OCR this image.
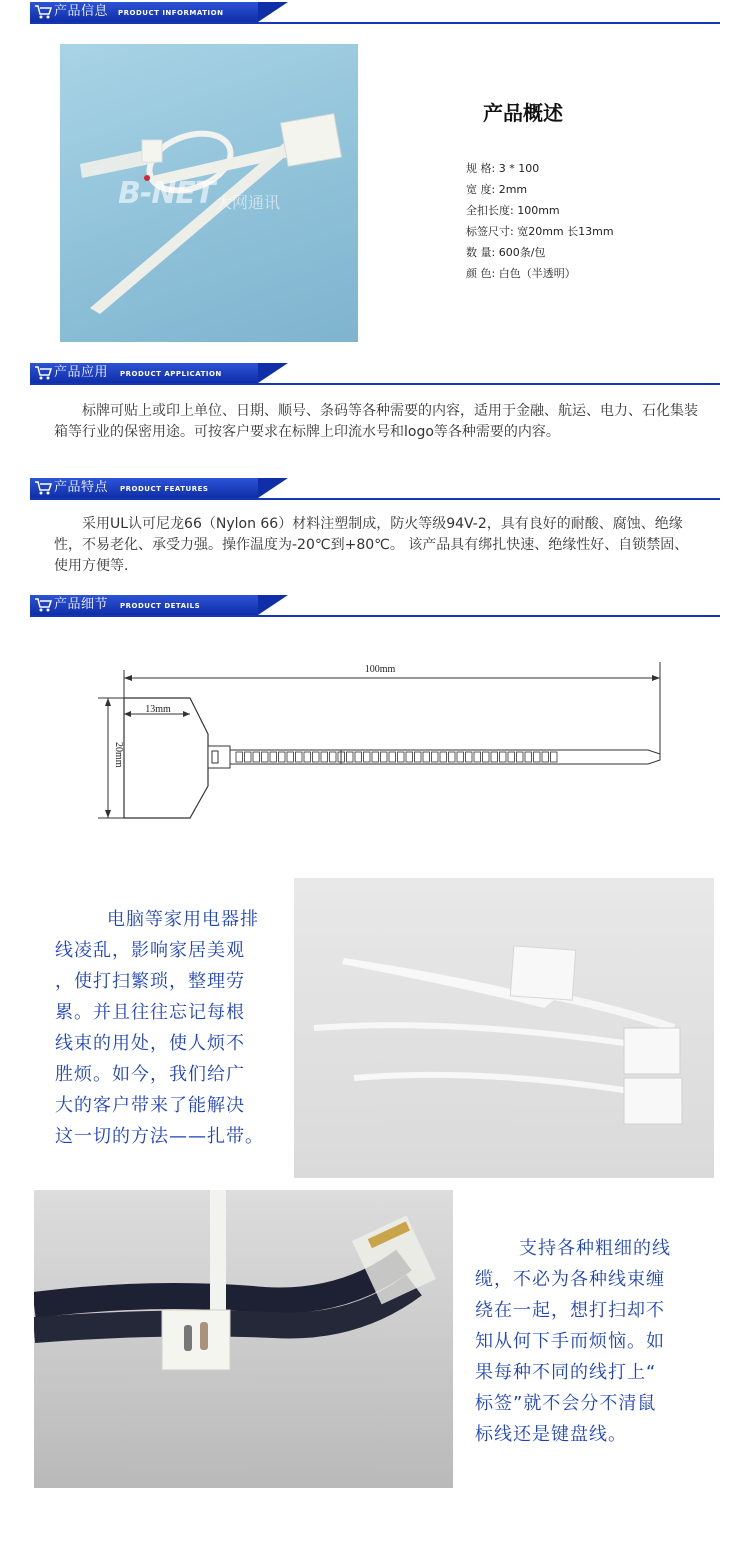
产品信息 PRODUCT INFORMATION
B-NET 大网通讯
产品概述
规 格: 3 * 100
宽 度: 2mm
全扣长度: 100mm
标签尺寸: 宽20mm 长13mm
数 量: 600条/包
颜 色: 白色（半透明）
产品应用 PRODUCT APPLICATION
标牌可贴上或印上单位、日期、顺号、条码等各种需要的内容，适用于金融、航运、电力、石化集装箱等行业的保密用途。可按客户要求在标牌上印流水号和logo等各种需要的内容。
产品特点 PRODUCT FEATURES
采用UL认可尼龙66（Nylon 66）材料注塑制成，防火等级94V-2，具有良好的耐酸、腐蚀、绝缘性，不易老化、承受力强。操作温度为-20℃到+80℃。 该产品具有绑扎快速、绝缘性好、自锁禁固、使用方便等.
产品细节 PRODUCT DETAILS
100mm
20mm
13mm
电脑等家用电器排
线凌乱，影响家居美观
，使打扫繁琐，整理劳
累。并且往往忘记每根
线束的用处，使人烦不
胜烦。如今，我们给广
大的客户带来了能解决
这一切的方法——扎带。
支持各种粗细的线
缆，不必为各种线束缠
绕在一起，想打扫却不
知从何下手而烦恼。如
果每种不同的线打上“
标签”就不会分不清鼠
标线还是键盘线。
